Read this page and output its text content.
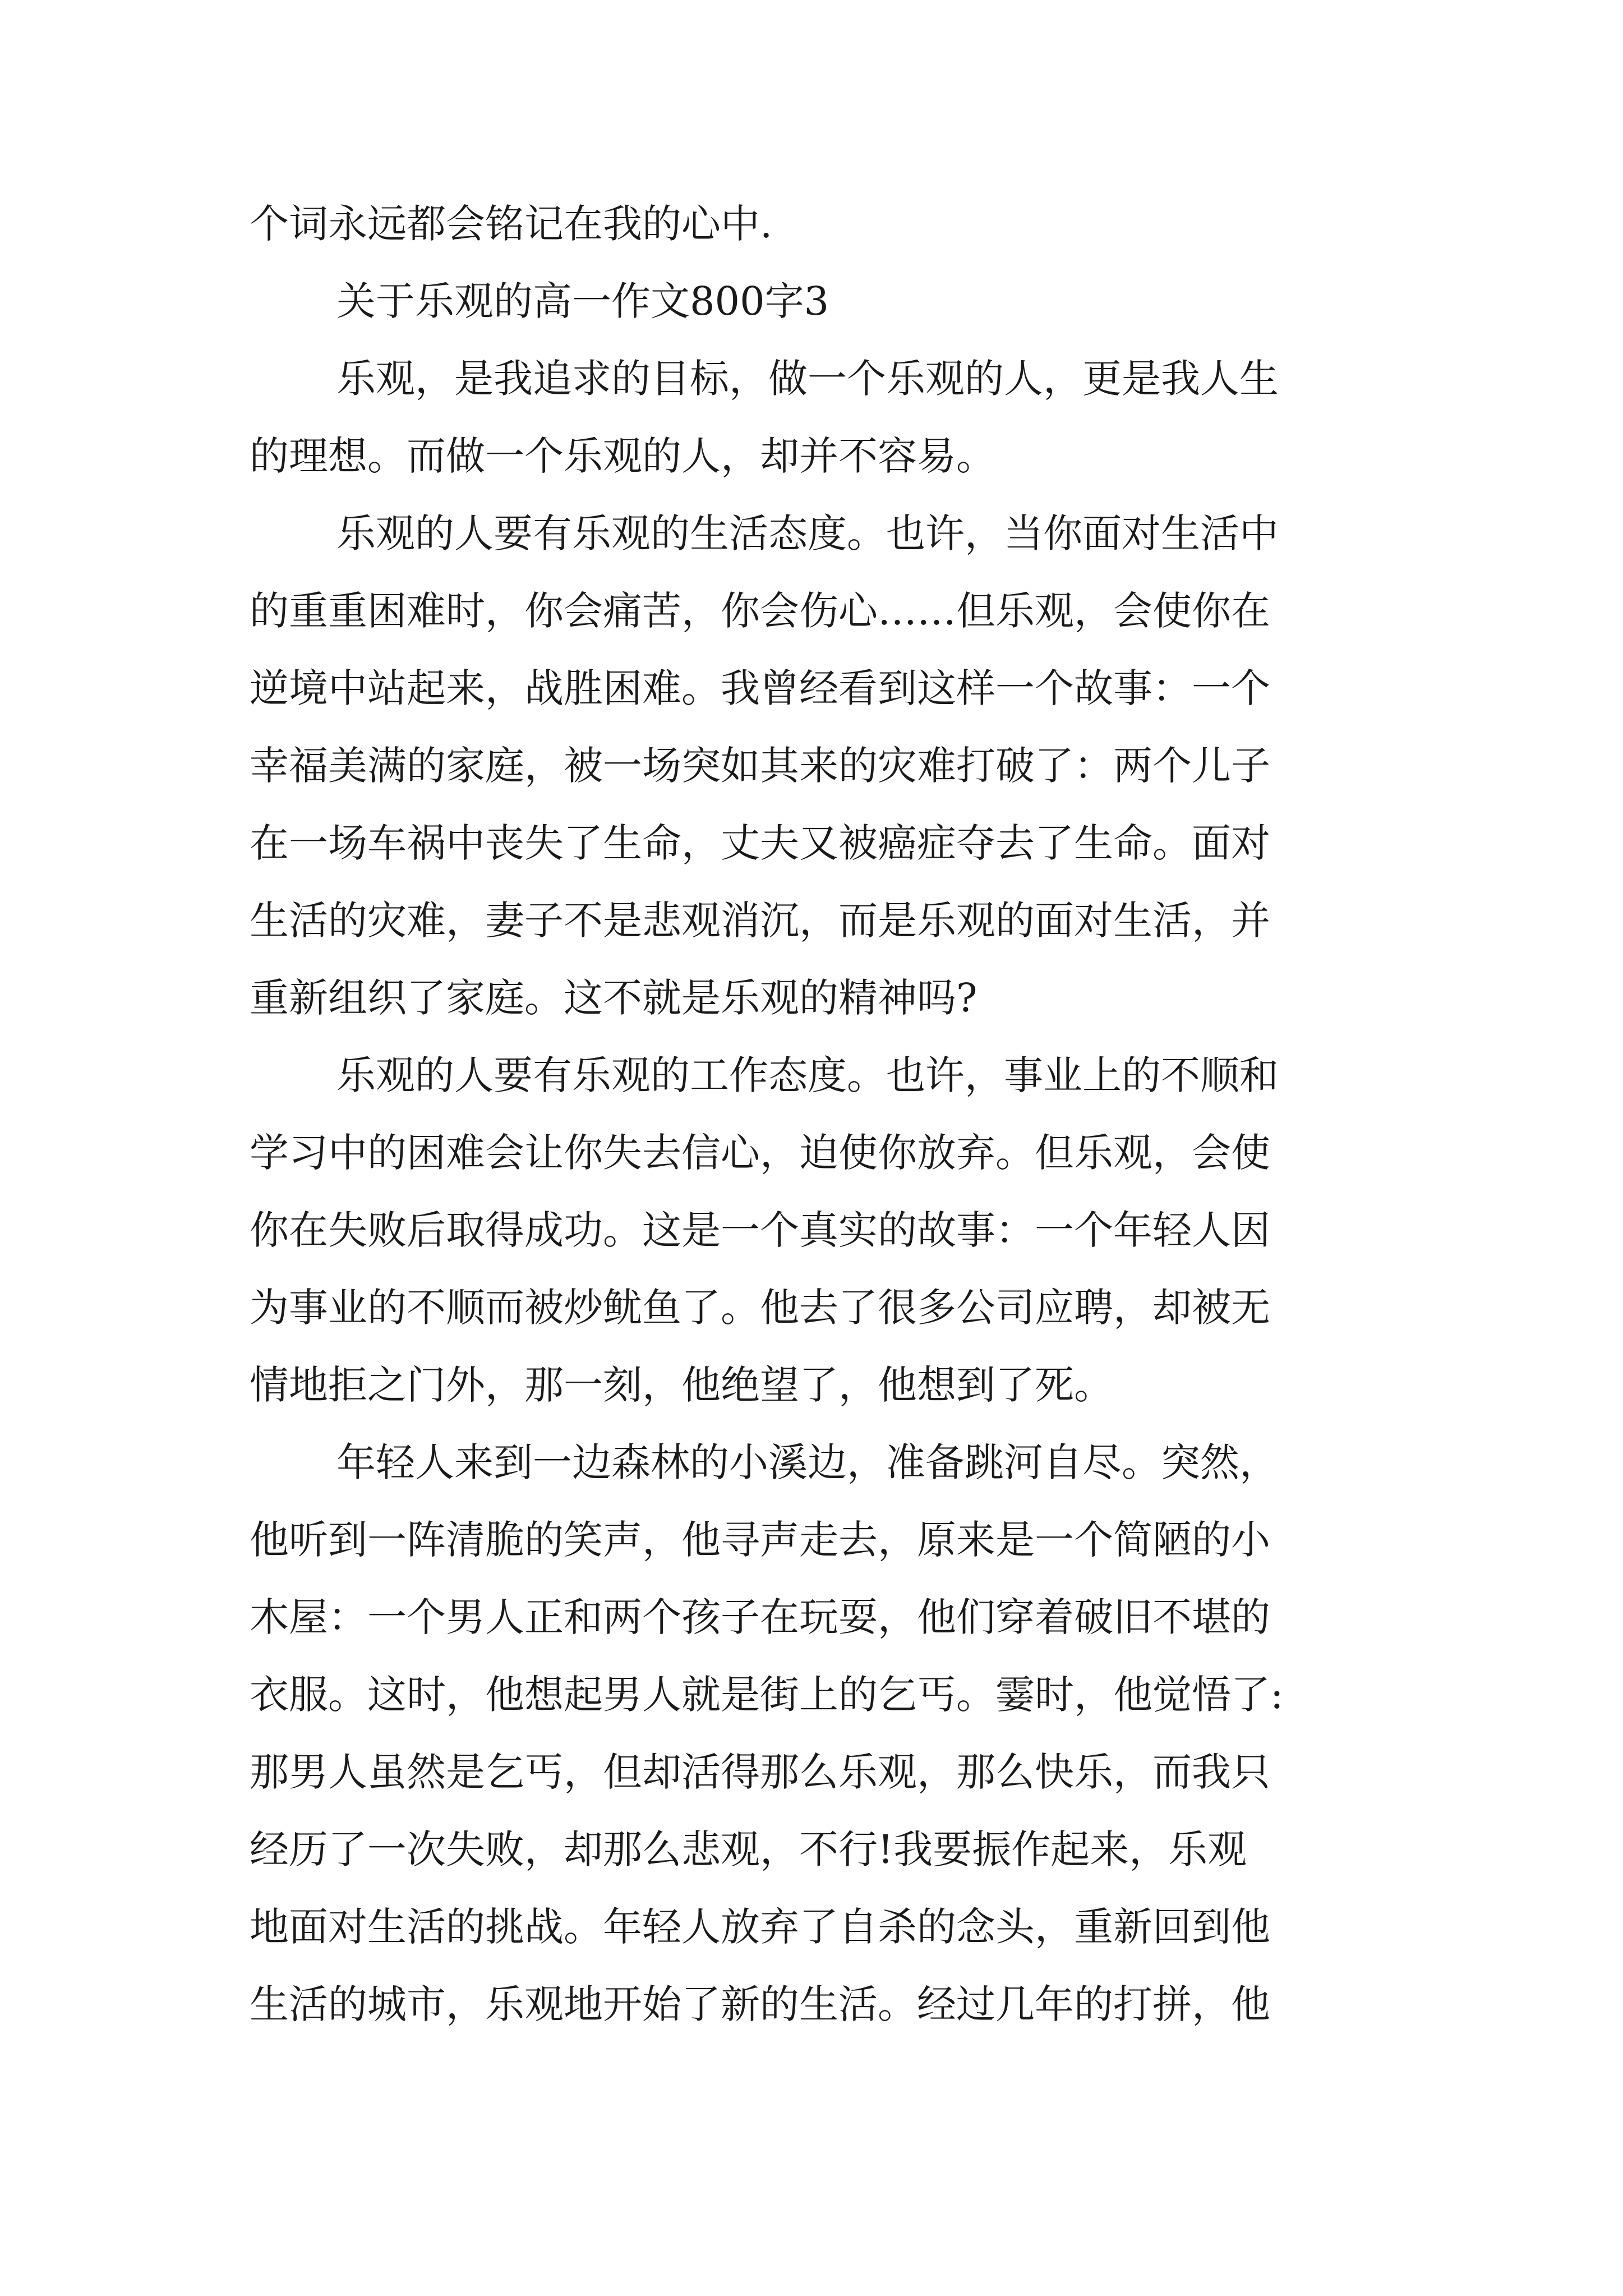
个词永远都会铭记在我的心中.

关于乐观的高一作文800字3

乐观，是我追求的目标，做一个乐观的人，更是我人生

的理想。而做一个乐观的人，却并不容易。

乐观的人要有乐观的生活态度。也许，当你面对生活中

的重重困难时，你会痛苦，你会伤心……但乐观，会使你在

逆境中站起来，战胜困难。我曾经看到这样一个故事：一个

幸福美满的家庭，被一场突如其来的灾难打破了：两个儿子

在一场车祸中丧失了生命，丈夫又被癌症夺去了生命。面对

生活的灾难，妻子不是悲观消沉，而是乐观的面对生活，并

重新组织了家庭。这不就是乐观的精神吗?

乐观的人要有乐观的工作态度。也许，事业上的不顺和

学习中的困难会让你失去信心，迫使你放弃。但乐观，会使

你在失败后取得成功。这是一个真实的故事：一个年轻人因

为事业的不顺而被炒鱿鱼了。他去了很多公司应聘，却被无

情地拒之门外，那一刻，他绝望了，他想到了死。

年轻人来到一边森林的小溪边，准备跳河自尽。突然，

他听到一阵清脆的笑声，他寻声走去，原来是一个简陋的小

木屋：一个男人正和两个孩子在玩耍，他们穿着破旧不堪的

衣服。这时，他想起男人就是街上的乞丐。霎时，他觉悟了:

那男人虽然是乞丐，但却活得那么乐观，那么快乐，而我只

经历了一次失败，却那么悲观，不行!我要振作起来，乐观

地面对生活的挑战。年轻人放弃了自杀的念头，重新回到他

生活的城市，乐观地开始了新的生活。经过几年的打拼，他
